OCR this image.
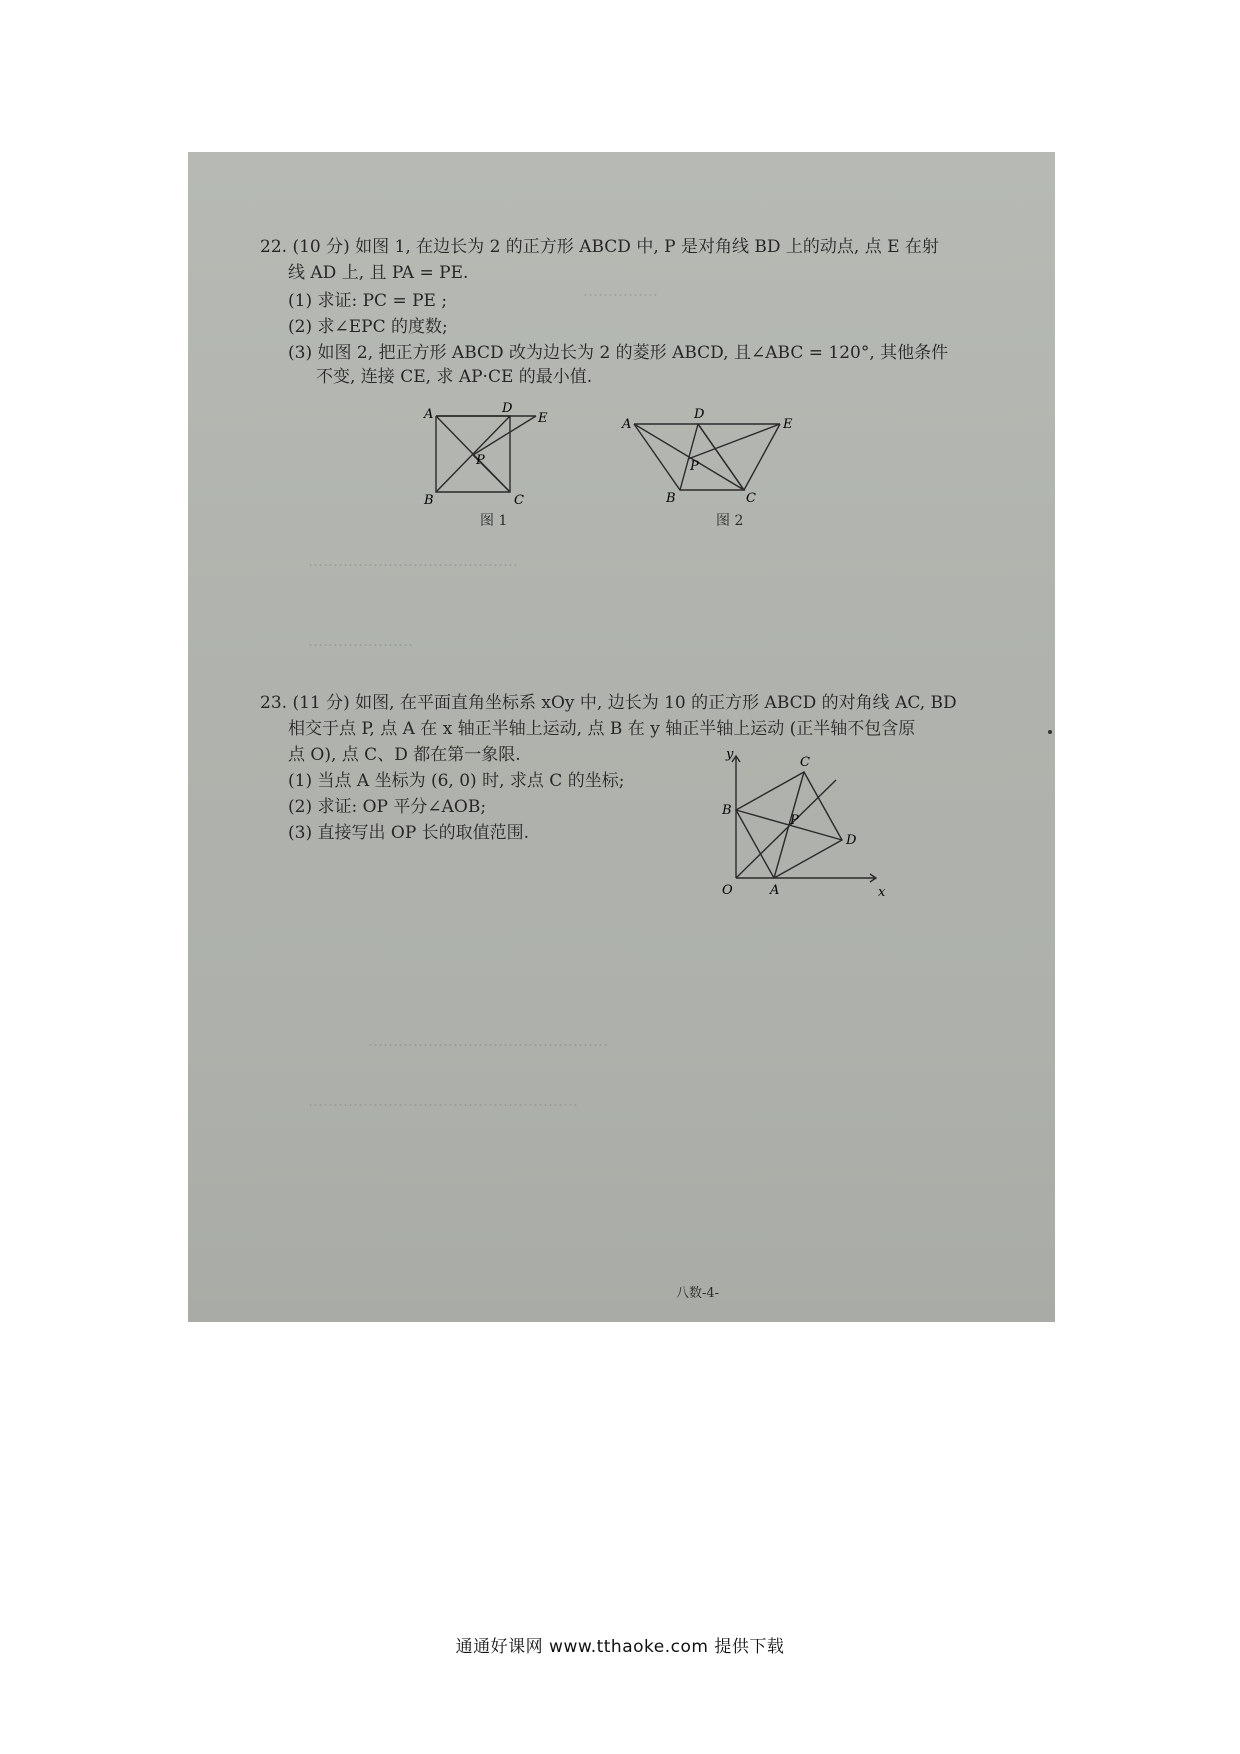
……………
……………………………………
…………………
…………………………………………
………………………………………………
22. (10 分) 如图 1, 在边长为 2 的正方形 ABCD 中, P 是对角线 BD 上的动点, 点 E 在射
线 AD 上, 且 PA = PE.
(1) 求证: PC = PE ;
(2) 求∠EPC 的度数;
(3) 如图 2, 把正方形 ABCD 改为边长为 2 的菱形 ABCD, 且∠ABC = 120°, 其他条件
不变, 连接 CE, 求 AP·CE 的最小值.
A	D
E
P
B	C
图 1
A
D
E
P
B	C
图 2
23. (11 分) 如图, 在平面直角坐标系 xOy 中, 边长为 10 的正方形 ABCD 的对角线 AC, BD
相交于点 P, 点 A 在 x 轴正半轴上运动, 点 B 在 y 轴正半轴上运动 (正半轴不包含原
点 O), 点 C、D 都在第一象限.
(1) 当点 A 坐标为 (6, 0) 时, 求点 C 的坐标;
(2) 求证: OP 平分∠AOB;
(3) 直接写出 OP 长的取值范围.
y
x
O	A
B
C
D
P
八数-4-
通通好课网 www.tthaoke.com 提供下载
